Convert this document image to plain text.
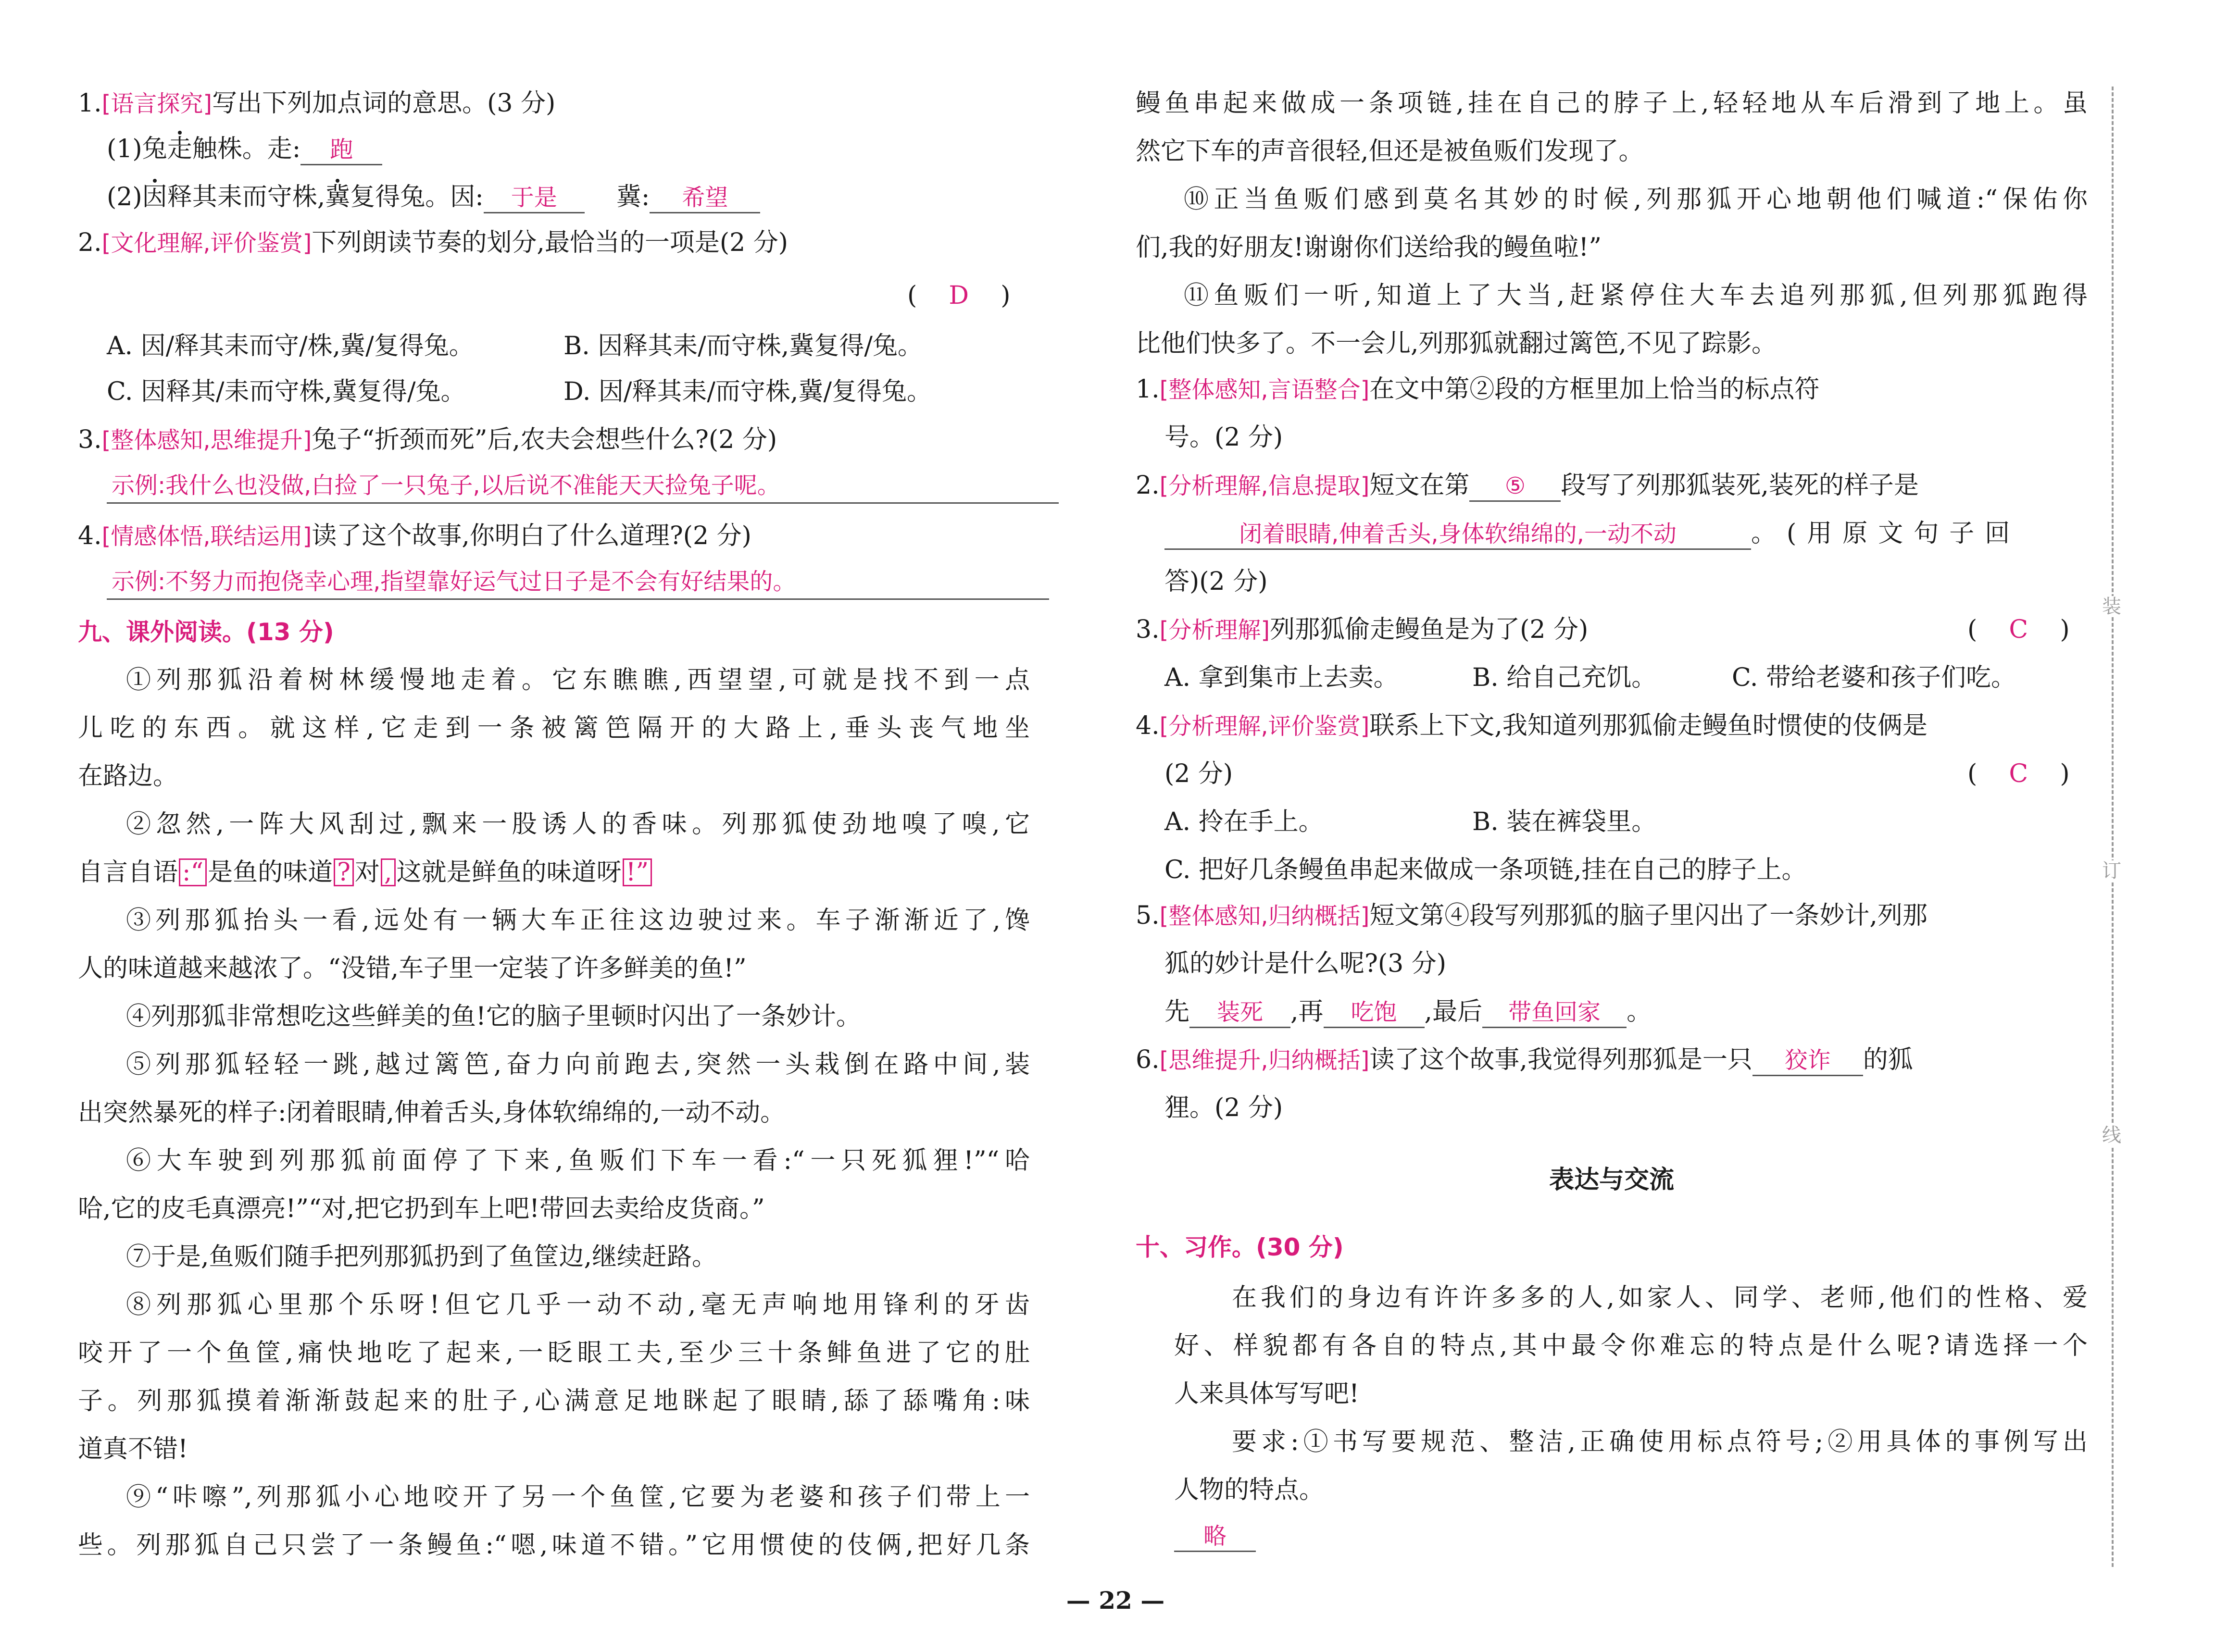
1.[语言探究]写出下列加点词的意思。(3 分)
(1)兔走触株。走: 跑
(2)因释其耒而守株,冀复得兔。因: 于是 冀: 希望
2.[文化理解,评价鉴赏]下列朗读节奏的划分,最恰当的一项是(2 分)
(    D    )
A. 因/释其耒而守/株,冀/复得兔。	B. 因释其耒/而守株,冀复得/兔。
C. 因释其/耒而守株,冀复得/兔。	D. 因/释其耒/而守株,冀/复得兔。
3.[整体感知,思维提升]兔子“折颈而死”后,农夫会想些什么?(2 分)
示例:我什么也没做,白捡了一只兔子,以后说不准能天天捡兔子呢。
4.[情感体悟,联结运用]读了这个故事,你明白了什么道理?(2 分)
示例:不努力而抱侥幸心理,指望靠好运气过日子是不会有好结果的。
九、课外阅读。(13 分)
①列那狐沿着树林缓慢地走着。它东瞧瞧,西望望,可就是找不到一点
儿吃的东西。就这样,它走到一条被篱笆隔开的大路上,垂头丧气地坐
在路边。
②忽然,一阵大风刮过,飘来一股诱人的香味。列那狐使劲地嗅了嗅,它
自言自语 :“ 是鱼的味道 ? 对 , 这就是鲜鱼的味道呀 !”
③列那狐抬头一看,远处有一辆大车正往这边驶过来。车子渐渐近了,馋
人的味道越来越浓了。“没错,车子里一定装了许多鲜美的鱼!”
④列那狐非常想吃这些鲜美的鱼!它的脑子里顿时闪出了一条妙计。
⑤列那狐轻轻一跳,越过篱笆,奋力向前跑去,突然一头栽倒在路中间,装
出突然暴死的样子:闭着眼睛,伸着舌头,身体软绵绵的,一动不动。
⑥大车驶到列那狐前面停了下来,鱼贩们下车一看:“一只死狐狸!”“哈
哈,它的皮毛真漂亮!”“对,把它扔到车上吧!带回去卖给皮货商。”
⑦于是,鱼贩们随手把列那狐扔到了鱼筐边,继续赶路。
⑧列那狐心里那个乐呀!但它几乎一动不动,毫无声响地用锋利的牙齿
咬开了一个鱼筐,痛快地吃了起来,一眨眼工夫,至少三十条鲱鱼进了它的肚
子。列那狐摸着渐渐鼓起来的肚子,心满意足地眯起了眼睛,舔了舔嘴角:味
道真不错!
⑨“咔嚓”,列那狐小心地咬开了另一个鱼筐,它要为老婆和孩子们带上一
些。列那狐自己只尝了一条鳗鱼:“嗯,味道不错。”它用惯使的伎俩,把好几条
鳗鱼串起来做成一条项链,挂在自己的脖子上,轻轻地从车后滑到了地上。虽
然它下车的声音很轻,但还是被鱼贩们发现了。
⑩正当鱼贩们感到莫名其妙的时候,列那狐开心地朝他们喊道:“保佑你
们,我的好朋友!谢谢你们送给我的鳗鱼啦!”
⑪鱼贩们一听,知道上了大当,赶紧停住大车去追列那狐,但列那狐跑得
比他们快多了。不一会儿,列那狐就翻过篱笆,不见了踪影。
1.[整体感知,言语整合]在文中第②段的方框里加上恰当的标点符
号。(2 分)
2.[分析理解,信息提取]短文在第 ⑤ 段写了列那狐装死,装死的样子是
闭着眼睛,伸着舌头,身体软绵绵的,一动不动	。(用原文句子回
答)(2 分)
3.[分析理解]列那狐偷走鳗鱼是为了(2 分)	(    C    )
A. 拿到集市上去卖。	B. 给自己充饥。	C. 带给老婆和孩子们吃。
4.[分析理解,评价鉴赏]联系上下文,我知道列那狐偷走鳗鱼时惯使的伎俩是
(2 分)	(    C    )
A. 拎在手上。	B. 装在裤袋里。
C. 把好几条鳗鱼串起来做成一条项链,挂在自己的脖子上。
5.[整体感知,归纳概括]短文第④段写列那狐的脑子里闪出了一条妙计,列那
狐的妙计是什么呢?(3 分)
先 装死 ,再 吃饱 ,最后 带鱼回家 。
6.[思维提升,归纳概括]读了这个故事,我觉得列那狐是一只 狡诈 的狐
狸。(2 分)
表达与交流
十、习作。(30 分)
在我们的身边有许许多多的人,如家人、同学、老师,他们的性格、爱
好、样貌都有各自的特点,其中最令你难忘的特点是什么呢?请选择一个
人来具体写写吧!
要求:①书写要规范、整洁,正确使用标点符号;②用具体的事例写出
人物的特点。
略
装
订
线
— 22 —
